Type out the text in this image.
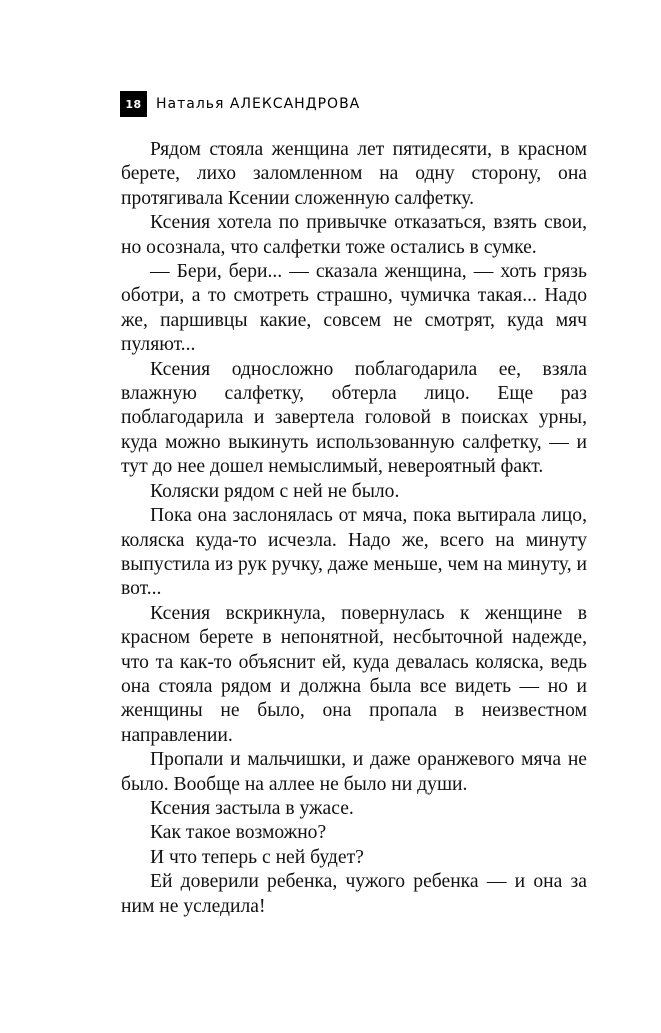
18	Наталья АЛЕКСАНДРОВА

Рядом стояла женщина лет пятидесяти, в красном берете, лихо заломленном на одну сторону, она протягивала Ксении сложенную салфетку.

Ксения хотела по привычке отказаться, взять свои, но осознала, что салфетки тоже остались в сумке.

— Бери, бери... — сказала женщина, — хоть грязь оботри, а то смотреть страшно, чумичка такая... Надо же, паршивцы какие, совсем не смотрят, куда мяч пуляют...

Ксения односложно поблагодарила ее, взяла влажную салфетку, обтерла лицо. Еще раз поблагодарила и завертела головой в поисках урны, куда можно выкинуть использованную салфетку, — и тут до нее дошел немыслимый, невероятный факт.

Коляски рядом с ней не было.

Пока она заслонялась от мяча, пока вытирала лицо, коляска куда-то исчезла. Надо же, всего на минуту выпустила из рук ручку, даже меньше, чем на минуту, и вот...

Ксения вскрикнула, повернулась к женщине в красном берете в непонятной, несбыточной надежде, что та как-то объяснит ей, куда девалась коляска, ведь она стояла рядом и должна была все видеть — но и женщины не было, она пропала в неизвестном направлении.

Пропали и мальчишки, и даже оранжевого мяча не было. Вообще на аллее не было ни души.

Ксения застыла в ужасе.

Как такое возможно?

И что теперь с ней будет?

Ей доверили ребенка, чужого ребенка — и она за ним не уследила!
